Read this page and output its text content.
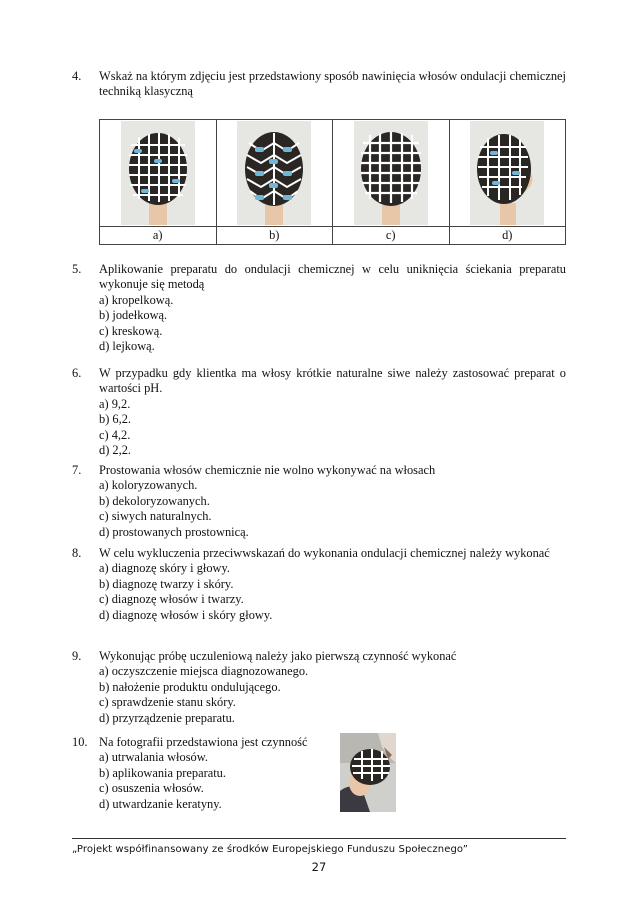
4. Wskaż na którym zdjęciu jest przedstawiony sposób nawinięcia włosów ondulacji chemicznej techniką klasyczną

a)	b)	c)	d)
5. Aplikowanie preparatu do ondulacji chemicznej w celu uniknięcia ściekania preparatu wykonuje się metodą
a) kropelkową.
b) jodełkową.
c) kreskową.
d) lejkową.
6. W przypadku gdy klientka ma włosy krótkie naturalne siwe należy zastosować preparat o wartości pH.
a) 9,2.
b) 6,2.
c) 4,2.
d) 2,2.
7. Prostowania włosów chemicznie nie wolno wykonywać na włosach
a) koloryzowanych.
b) dekoloryzowanych.
c) siwych naturalnych.
d) prostowanych prostownicą.
8. W celu wykluczenia przeciwwskazań do wykonania ondulacji chemicznej należy wykonać
a) diagnozę skóry i głowy.
b) diagnozę twarzy i skóry.
c) diagnozę włosów i twarzy.
d) diagnozę włosów i skóry głowy.
9. Wykonując próbę uczuleniową należy jako pierwszą czynność wykonać
a) oczyszczenie miejsca diagnozowanego.
b) nałożenie produktu ondulującego.
c) sprawdzenie stanu skóry.
d) przyrządzenie preparatu.
10. Na fotografii przedstawiona jest czynność
a) utrwalania włosów.
b) aplikowania preparatu.
c) osuszenia włosów.
d) utwardzanie keratyny.
„Projekt współfinansowany ze środków Europejskiego Funduszu Społecznego”
27
